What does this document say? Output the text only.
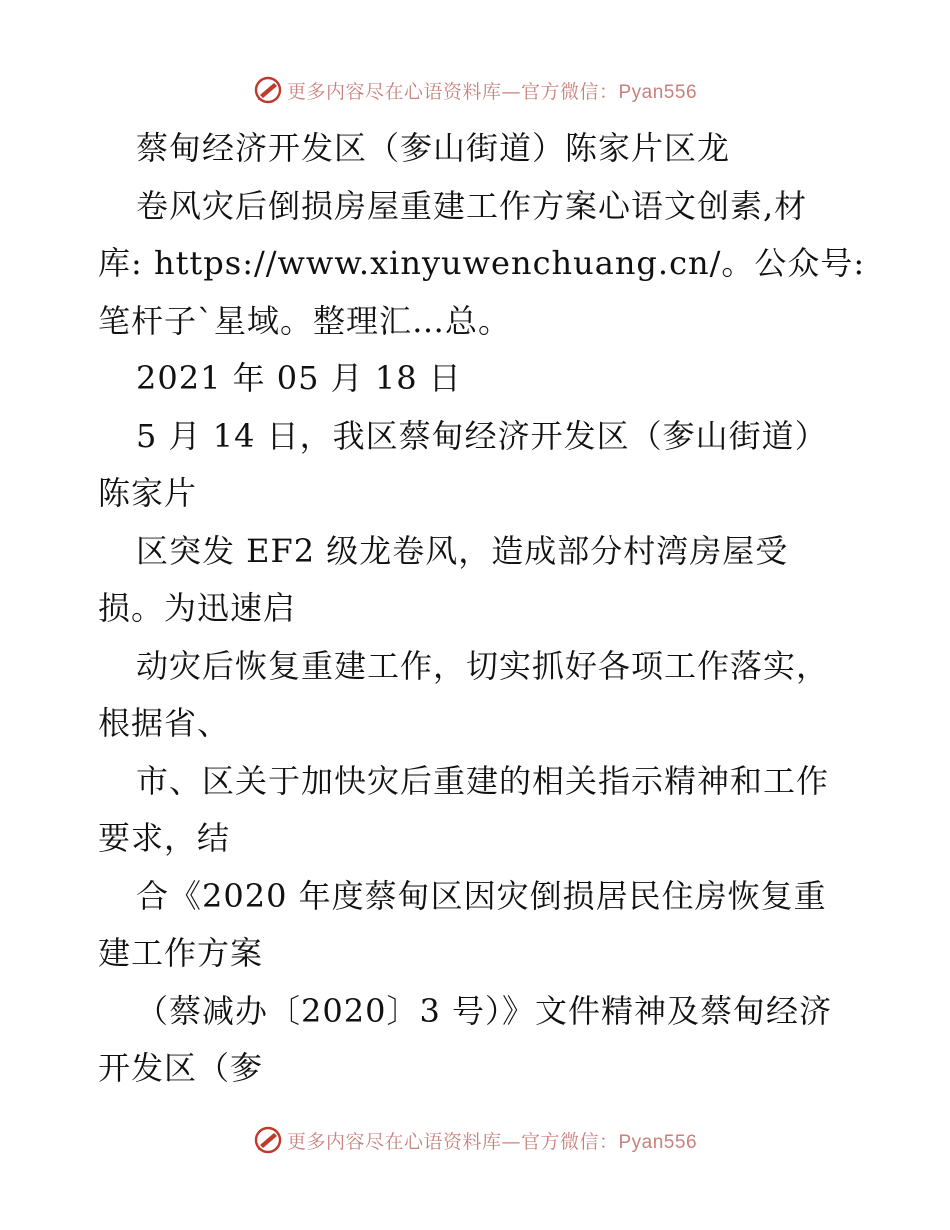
更多内容尽在心语资料库—官方微信：Pyan556
蔡甸经济开发区（奓山街道）陈家片区龙
卷风灾后倒损房屋重建工作方案心语文创素,材
库: https://www.xinyuwenchuang.cn/。公众号:
笔杆子`星域。整理汇…总。
2021 年 05 月 18 日
5 月 14 日，我区蔡甸经济开发区（奓山街道）
陈家片
区突发 EF2 级龙卷风，造成部分村湾房屋受
损。为迅速启
动灾后恢复重建工作，切实抓好各项工作落实，
根据省、
市、区关于加快灾后重建的相关指示精神和工作
要求，结
合《2020 年度蔡甸区因灾倒损居民住房恢复重
建工作方案
（蔡减办〔2020〕3 号）》文件精神及蔡甸经济
开发区（奓
更多内容尽在心语资料库—官方微信：Pyan556
